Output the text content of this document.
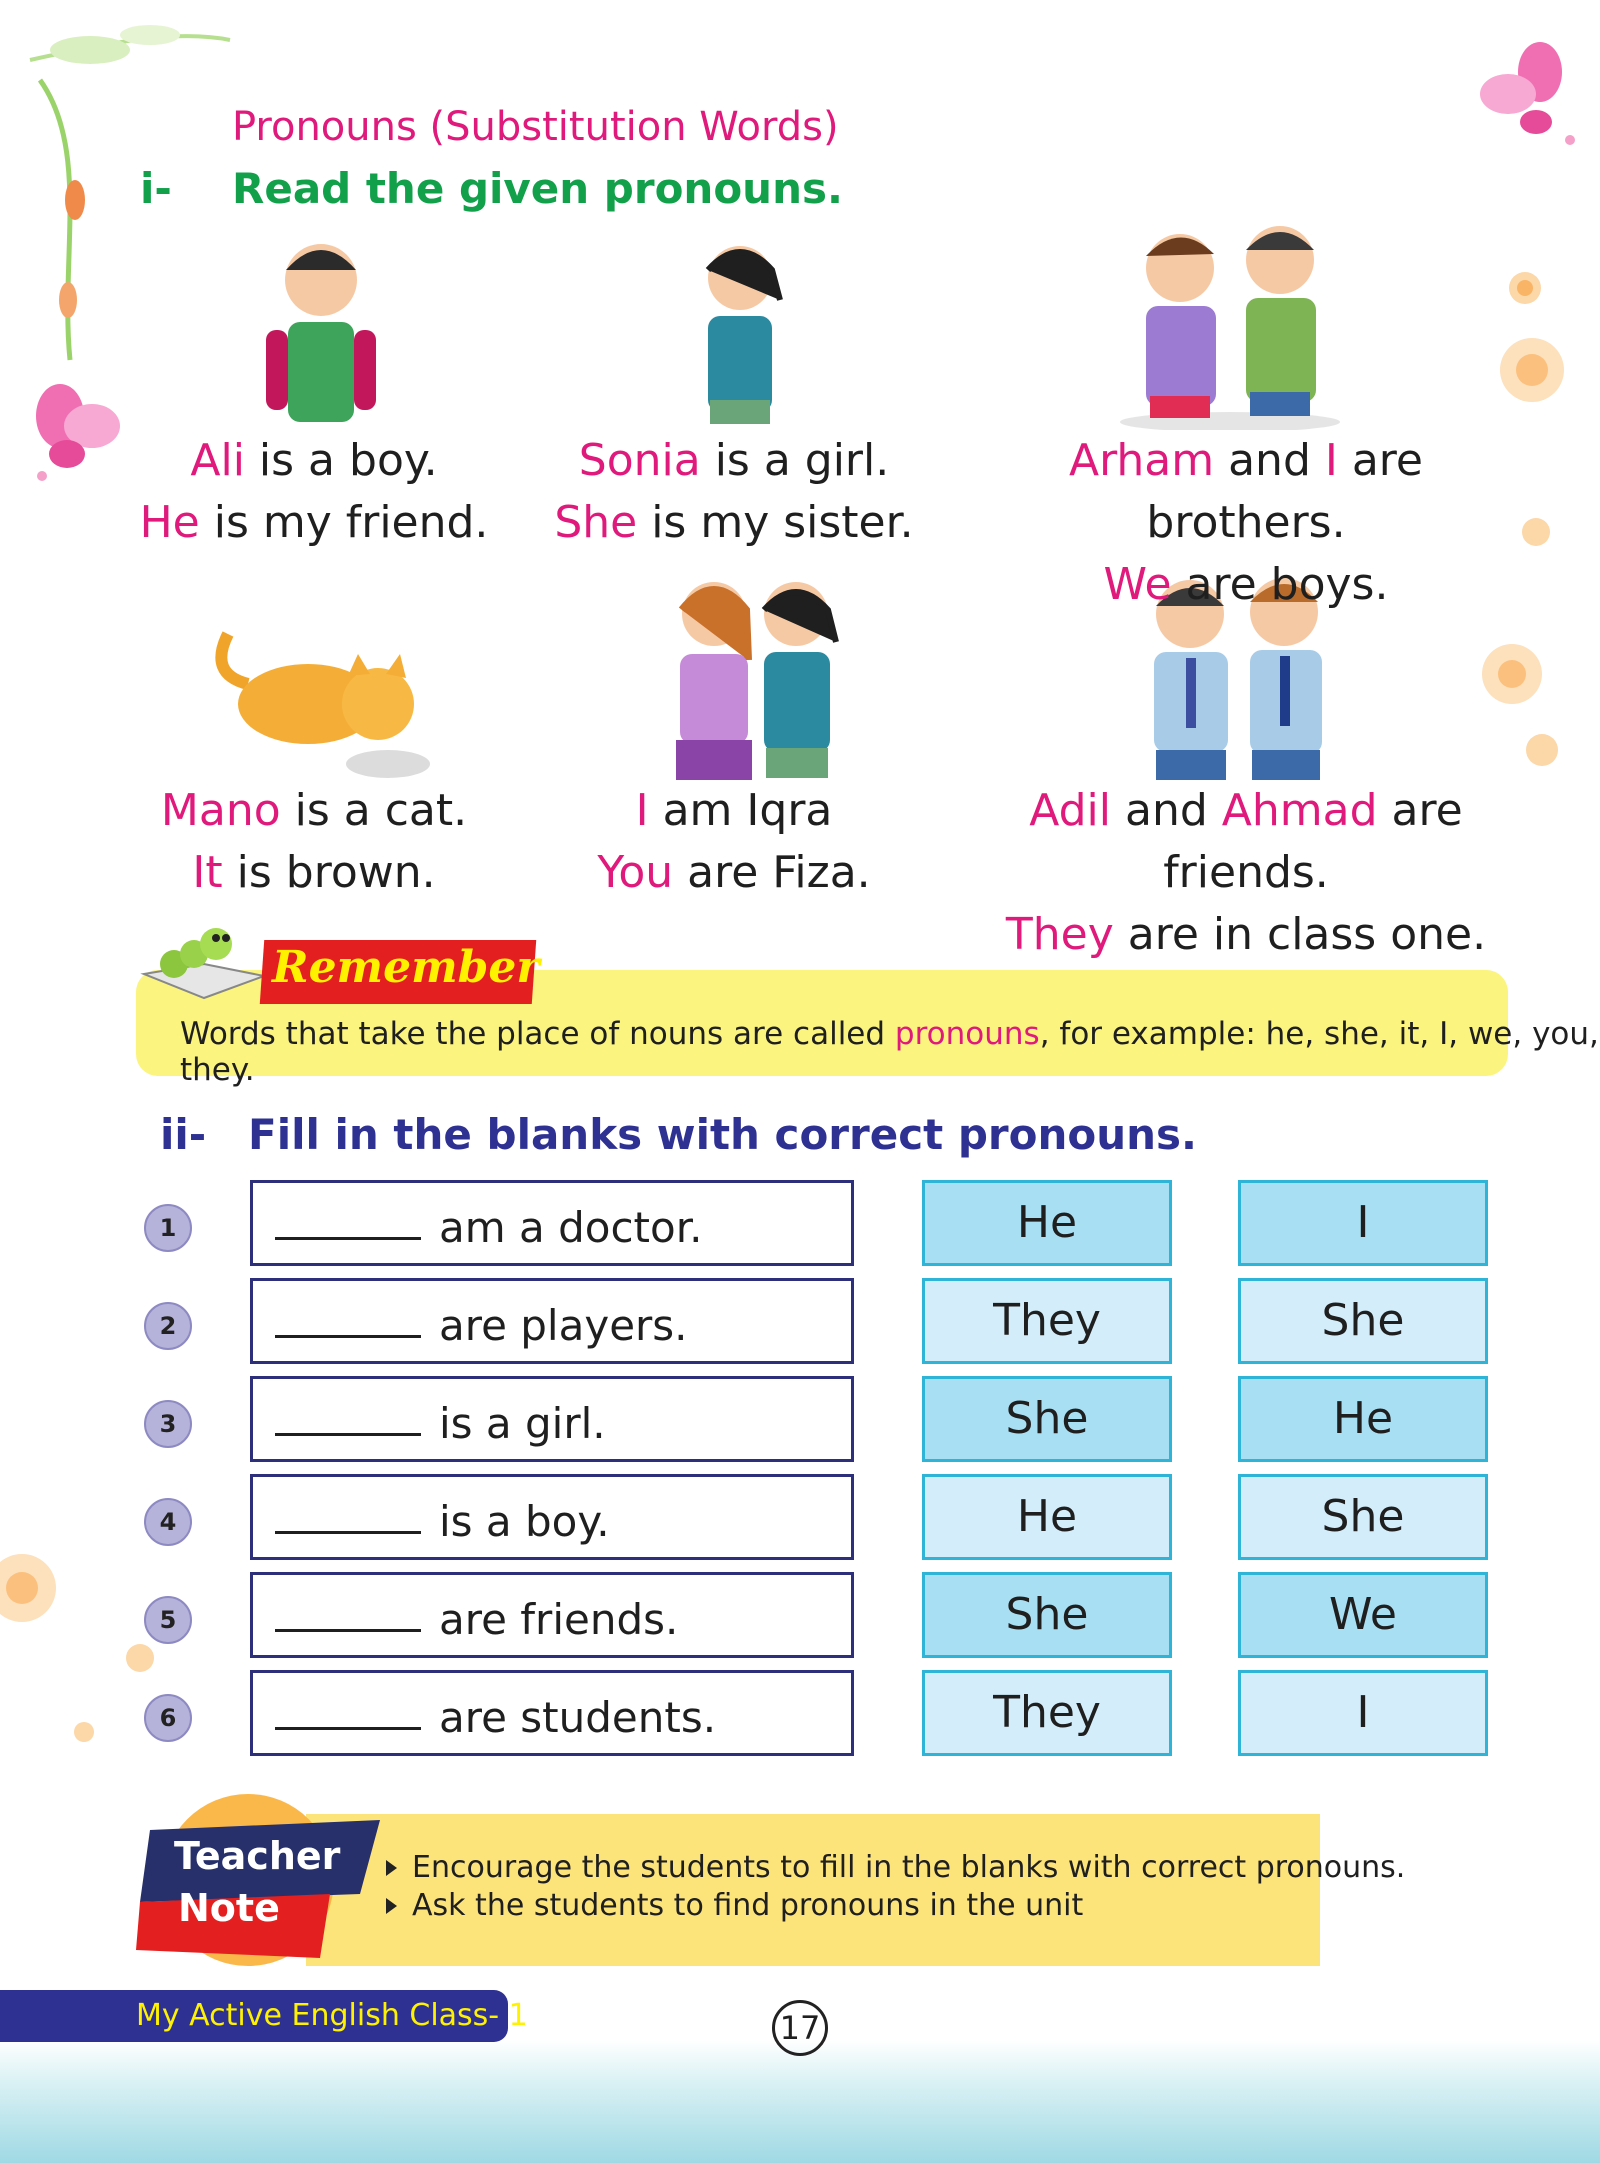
Pronouns (Substitution Words)
i- Read the given pronouns.
Ali is a boy.
He is my friend.
Sonia is a girl.
She is my sister.
Arham and I are brothers.
We are boys.
Mano is a cat.
It is brown.
I am Iqra
You are Fiza.
Adil and Ahmad are friends.
They are in class one.
Remember
Words that take the place of nouns are called pronouns, for example: he, she, it, I, we, you, they.
ii- Fill in the blanks with correct pronouns.
1	am a doctor.	He	I
2	are players.	They	She
3	is a girl.	She	He
4	is a boy.	He	She
5	are friends.	She	We
6	are students.	They	I
Teacher
Note
Encourage the students to fill in the blanks with correct pronouns.
Ask the students to find pronouns in the unit
My Active English Class- 1	17
